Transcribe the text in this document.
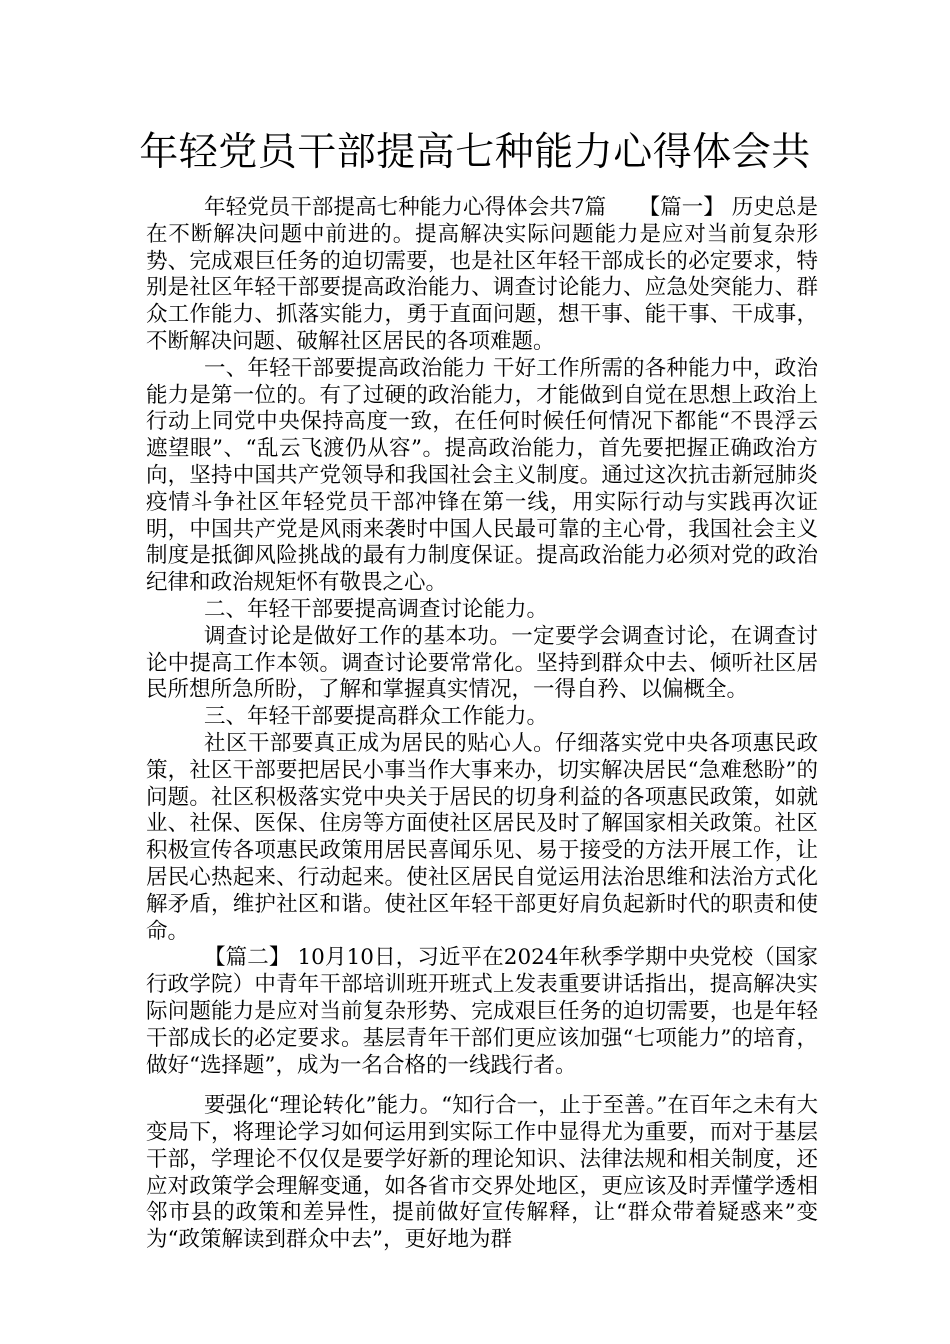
年轻党员干部提高七种能力心得体会共

年轻党员干部提高七种能力心得体会共7篇　　【篇一】 历史总是在不断解决问题中前进的。提高解决实际问题能力是应对当前复杂形势、完成艰巨任务的迫切需要，也是社区年轻干部成长的必定要求，特别是社区年轻干部要提高政治能力、调查讨论能力、应急处突能力、群众工作能力、抓落实能力，勇于直面问题，想干事、能干事、干成事，不断解决问题、破解社区居民的各项难题。

一、年轻干部要提高政治能力 干好工作所需的各种能力中，政治能力是第一位的。有了过硬的政治能力，才能做到自觉在思想上政治上行动上同党中央保持高度一致，在任何时候任何情况下都能“不畏浮云遮望眼”、“乱云飞渡仍从容”。提高政治能力，首先要把握正确政治方向，坚持中国共产党领导和我国社会主义制度。通过这次抗击新冠肺炎疫情斗争社区年轻党员干部冲锋在第一线，用实际行动与实践再次证明，中国共产党是风雨来袭时中国人民最可靠的主心骨，我国社会主义制度是抵御风险挑战的最有力制度保证。提高政治能力必须对党的政治纪律和政治规矩怀有敬畏之心。

二、年轻干部要提高调查讨论能力。

调查讨论是做好工作的基本功。一定要学会调查讨论，在调查讨论中提高工作本领。调查讨论要常常化。坚持到群众中去、倾听社区居民所想所急所盼，了解和掌握真实情况，一得自矜、以偏概全。

三、年轻干部要提高群众工作能力。

社区干部要真正成为居民的贴心人。仔细落实党中央各项惠民政策，社区干部要把居民小事当作大事来办，切实解决居民“急难愁盼”的问题。社区积极落实党中央关于居民的切身利益的各项惠民政策，如就业、社保、医保、住房等方面使社区居民及时了解国家相关政策。社区积极宣传各项惠民政策用居民喜闻乐见、易于接受的方法开展工作，让居民心热起来、行动起来。使社区居民自觉运用法治思维和法治方式化解矛盾，维护社区和谐。使社区年轻干部更好肩负起新时代的职责和使命。

【篇二】 10月10日，习近平在2024年秋季学期中央党校（国家行政学院）中青年干部培训班开班式上发表重要讲话指出，提高解决实际问题能力是应对当前复杂形势、完成艰巨任务的迫切需要，也是年轻干部成长的必定要求。基层青年干部们更应该加强“七项能力”的培育，做好“选择题”，成为一名合格的一线践行者。

要强化“理论转化”能力。“知行合一，止于至善。”在百年之未有大变局下，将理论学习如何运用到实际工作中显得尤为重要，而对于基层干部，学理论不仅仅是要学好新的理论知识、法律法规和相关制度，还应对政策学会理解变通，如各省市交界处地区，更应该及时弄懂学透相邻市县的政策和差异性，提前做好宣传解释，让“群众带着疑惑来”变为“政策解读到群众中去”，更好地为群
